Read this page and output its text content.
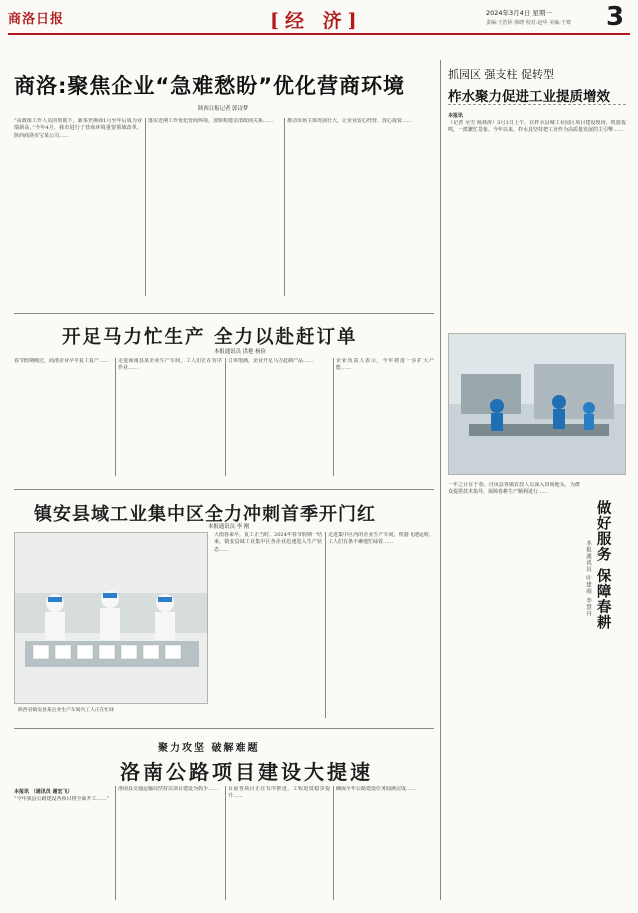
商洛日报	[经 济]	2024年3月4日 星期一
责编:王浩婷 韩晓 校对:赵华 美编:王骞 3
商洛:聚焦企业“急难愁盼”优化营商环境
陕西日报记者 郭诗梦
“由政组工作人员的帮助下，新茶充换商1月至年后成为业绩新高。”今年4月，我市进行了营商环境重要领域改革，陕西商洛市宝某公司……
落实近期工作优化营商环境，加快构建亲清政商关系……	推动市场主体发展壮大，让企业安心经营、放心投资……
抓园区 强支柱 促转型
柞水聚力促进工业提质增效
本报讯
（记者 吴雪 杨林涛）3月1日上午，在柞水县城工业园区项目建设现场，机器轰鸣，一派繁忙景象。今年以来，柞水县坚持把工业作为高质量发展的主引擎……
一年之计在于春。丹凤县各镇农技人员深入田间地头，为群众提供技术指导，保障春耕生产顺利进行……
做好服务 保障春耕
本报通讯员 叶建雨 李慧丹
开足马力忙生产 全力以赴赶订单
本报通讯员 洪艳 杨俭
春节假期刚过，商洛企业早早复工复产……	走进商南县某企业生产车间，工人们正在有序作业……
订单饱满，企业开足马力赶制产品……	企业负责人表示，今年将进一步扩大产能……
镇安县域工业集中区全力冲刺首季开门红
本报通讯员 李 刚
陕西省镇安县某企业生产车间内工人正在忙碌
大雨春来早，复工正当时。2024年春节假期一结束，镇安县域工业集中区各企业迅速进入生产状态……
走进集中区内的企业生产车间，机器飞速运转，工人们有条不紊地忙碌着……
聚力攻坚 破解难题
洛南公路项目建设大提速
本报讯 （通讯员 谢宏飞）
“今年我县公路建设各项目将全面开工……”
洛南县交通运输局坚持以项目建设为抓手……	目前各项目正在有序推进，工程进度稳步提升……
确保全年公路建设任务圆满完成……
